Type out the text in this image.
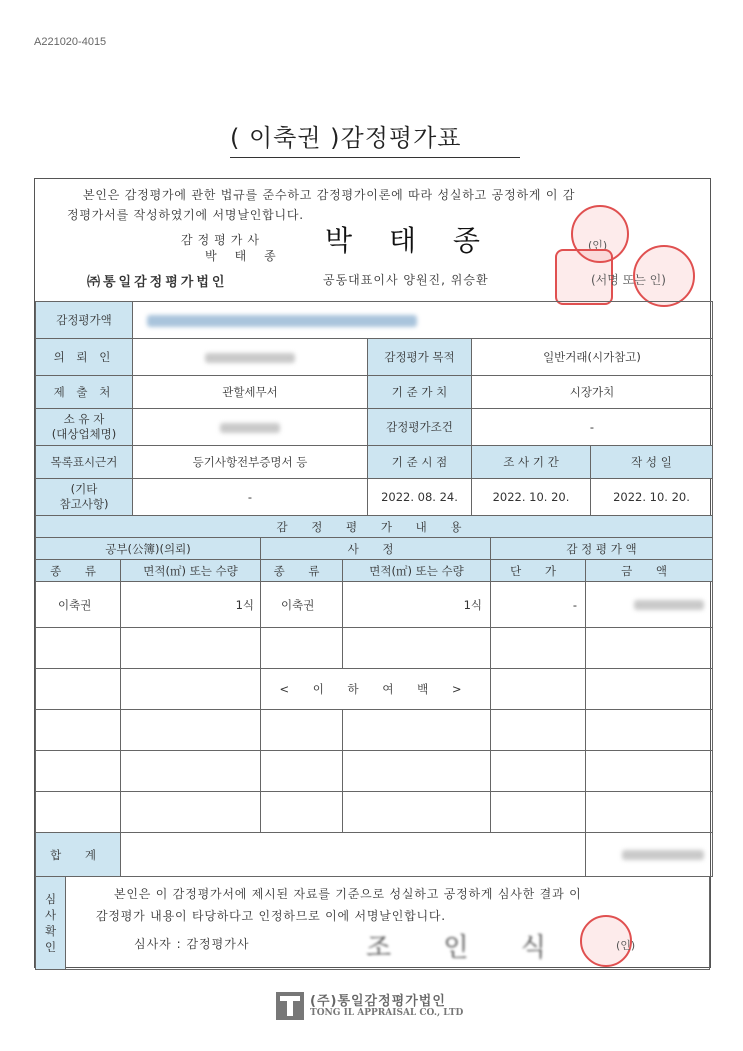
A221020-4015
( 이축권 )감정평가표
본인은 감정평가에 관한 법규를 준수하고 감정평가이론에 따라 성실하고 공정하게 이 감
정평가서를 작성하였기에 서명날인합니다.
감정평가사
박태종 박 태 종	(인)
㈜통일감정평가법인	공동대표이사 양원진, 위승환	(서명 또는 인)
감정평가액				
의 뢰 인		감정평가 목적	일반거래(시가참고)	
제 출 처	관할세무서	기 준 가 치	시장가치	

소 유 자
(대상업체명)		감정평가조건	-	
목록표시근거	등기사항전부증명서 등	기 준 시 점	조 사 기 간	작 성 일

(기타
참고사항)	-	2022. 08. 24.	2022. 10. 20.	2022. 10. 20.
감 정 평 가 내 용					
공부(公簿)(의뢰)		사 정		감 정 평 가 액	
종 류	면적(㎡) 또는 수량	종 류	면적(㎡) 또는 수량	단 가	금 액
이축권	1식	이축권	1식	-	

		< 이 하 여 백 >			

합 계					
심
사
확
인

본인은 이 감정평가서에 제시된 자료를 기준으로 성실하고 공정하게 심사한 결과 이
감정평가 내용이 타당하다고 인정하므로 이에 서명날인합니다.
심사자 : 감정평가사	조 인 식	(인)
(주)통일감정평가법인
TONG IL APPRAISAL CO., LTD
